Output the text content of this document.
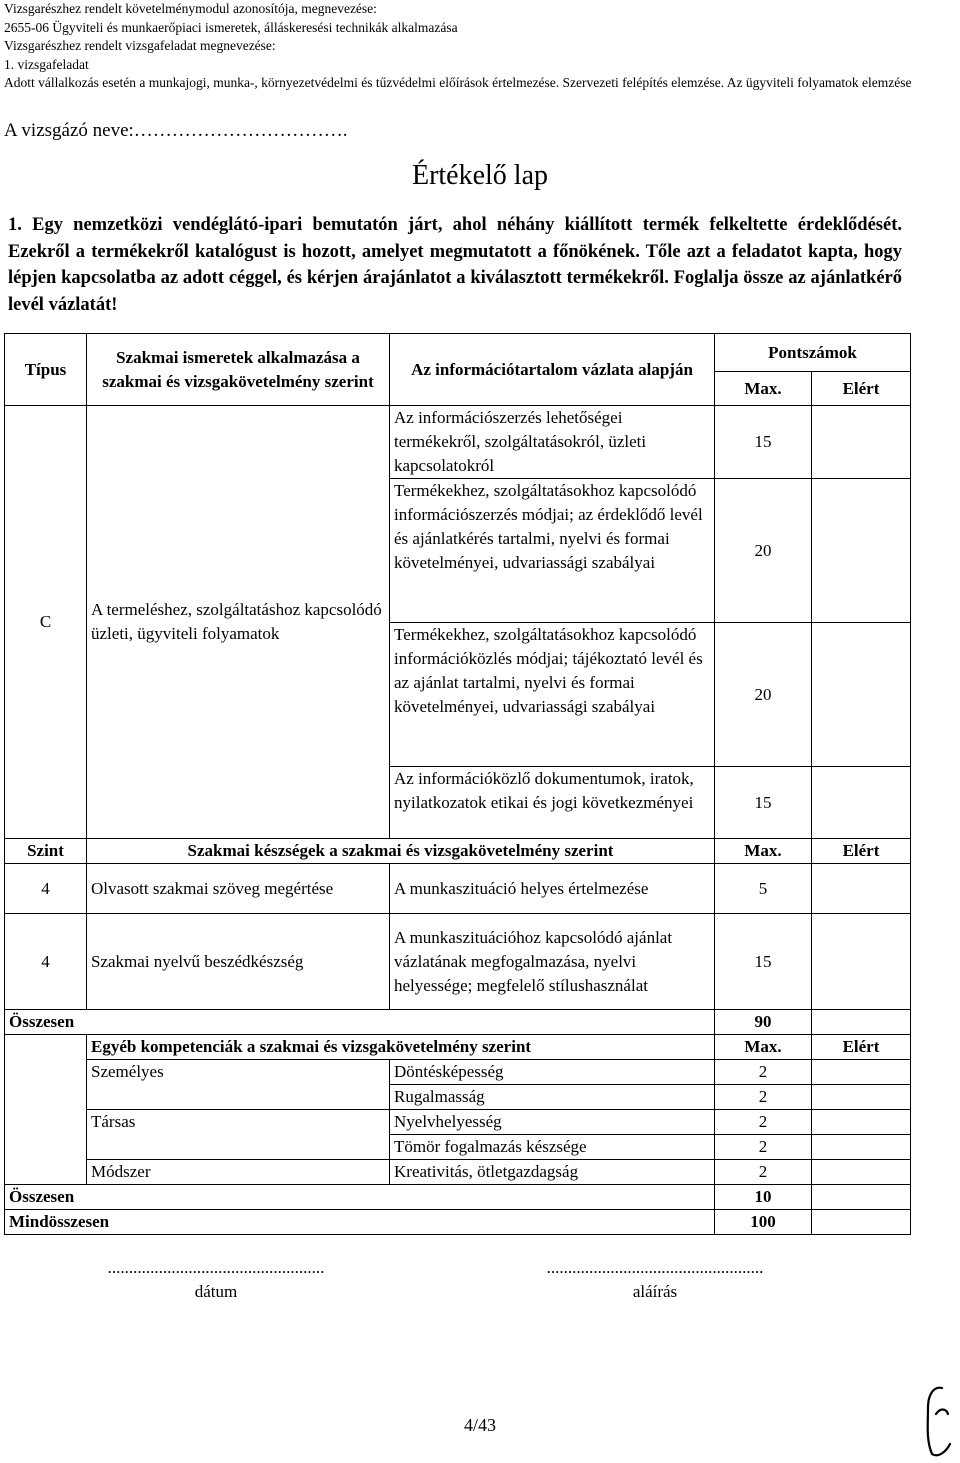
Vizsgarészhez rendelt követelménymodul azonosítója, megnevezése:
2655-06 Ügyviteli és munkaerőpiaci ismeretek, álláskeresési technikák alkalmazása
Vizsgarészhez rendelt vizsgafeladat megnevezése:
1. vizsgafeladat
Adott vállalkozás esetén a munkajogi, munka-, környezetvédelmi és tűzvédelmi előírások értelmezése. Szervezeti felépítés elemzése. Az ügyviteli folyamatok elemzése
A vizsgázó neve:…………………………….
Értékelő lap
1. Egy nemzetközi vendéglátó-ipari bemutatón járt, ahol néhány kiállított termék felkeltette érdeklődését. Ezekről a termékekről katalógust is hozott, amelyet megmutatott a főnökének. Tőle azt a feladatot kapta, hogy lépjen kapcsolatba az adott céggel, és kérjen árajánlatot a kiválasztott termékekről. Foglalja össze az ajánlatkérő levél vázlatát!
Típus	Szakmai ismeretek alkalmazása a szakmai és vizsgakövetelmény szerint	Az információtartalom vázlata alapján	Pontszámok	
			Max.	Elért
C	A termeléshez, szolgáltatáshoz kapcsolódó üzleti, ügyviteli folyamatok	Az információszerzés lehetőségei termékekről, szolgáltatásokról, üzleti kapcsolatokról	15	
		Termékekhez, szolgáltatásokhoz kapcsolódó információszerzés módjai; az érdeklődő levél és ajánlatkérés tartalmi, nyelvi és formai követelményei, udvariassági szabályai	20	
		Termékekhez, szolgáltatásokhoz kapcsolódó információközlés módjai; tájékoztató levél és az ajánlat tartalmi, nyelvi és formai követelményei, udvariassági szabályai	20	
		Az információközlő dokumentumok, iratok, nyilatkozatok etikai és jogi következményei	15	
Szint	Szakmai készségek a szakmai és vizsgakövetelmény szerint		Max.	Elért
4	Olvasott szakmai szöveg megértése	A munkaszituáció helyes értelmezése	5	
4	Szakmai nyelvű beszédkészség	A munkaszituációhoz kapcsolódó ajánlat vázlatának megfogalmazása, nyelvi helyessége; megfelelő stílushasználat	15	
Összesen			90	
	Egyéb kompetenciák a szakmai és vizsgakövetelmény szerint		Max.	Elért
	Személyes	Döntésképesség	2	
		Rugalmasság	2	
	Társas	Nyelvhelyesség	2	
		Tömör fogalmazás készsége	2	
	Módszer	Kreativitás, ötletgazdagság	2	
Összesen			10	
Mindösszesen			100	
...................................................
dátum
...................................................
aláírás
4/43
